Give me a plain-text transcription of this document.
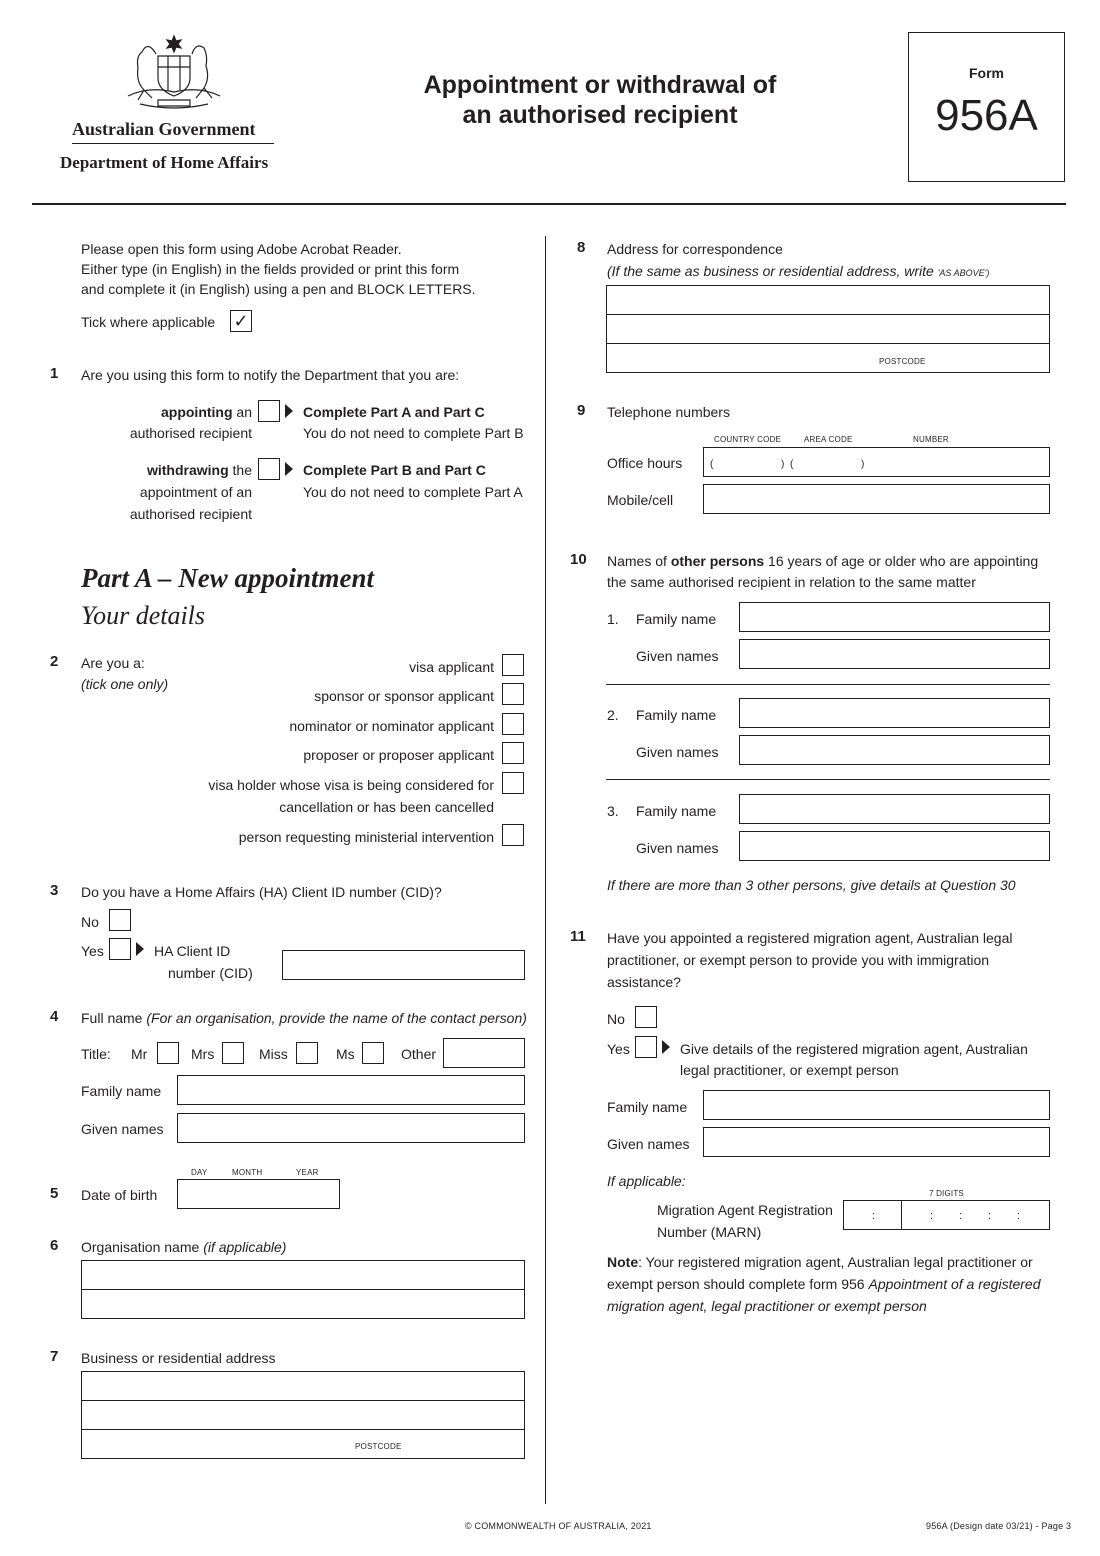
Australian Government
Department of Home Affairs
Appointment or withdrawal of
an authorised recipient
Form
956A
Please open this form using Adobe Acrobat Reader.
Either type (in English) in the fields provided or print this form
and complete it (in English) using a pen and BLOCK LETTERS.
Tick where applicable ✓
1 Are you using this form to notify the Department that you are:
appointing an
authorised recipient
Complete Part A and Part C
You do not need to complete Part B
withdrawing the
appointment of an
authorised recipient
Complete Part B and Part C
You do not need to complete Part A
Part A – New appointment
Your details
2 Are you a:
(tick one only)
visa applicant
sponsor or sponsor applicant
nominator or nominator applicant
proposer or proposer applicant
visa holder whose visa is being considered for
cancellation or has been cancelled
person requesting ministerial intervention
3 Do you have a Home Affairs (HA) Client ID number (CID)?
No
Yes	HA Client ID
number (CID)
4 Full name (For an organisation, provide the name of the contact person)
Title: Mr	Mrs	Miss	Ms	Other
Family name
Given names
DAY	MONTH	YEAR
5 Date of birth
6 Organisation name (if applicable)
7 Business or residential address
POSTCODE
8 Address for correspondence
(If the same as business or residential address, write 'AS ABOVE')
POSTCODE
9 Telephone numbers
COUNTRY CODE	AREA CODE	NUMBER
Office hours	(	) (	)
Mobile/cell
10 Names of other persons 16 years of age or older who are appointing
the same authorised recipient in relation to the same matter
1. Family name
Given names
2. Family name
Given names
3. Family name
Given names
If there are more than 3 other persons, give details at Question 30
11 Have you appointed a registered migration agent, Australian legal
practitioner, or exempt person to provide you with immigration
assistance?
No
Yes	Give details of the registered migration agent, Australian
legal practitioner, or exempt person
Family name
Given names
If applicable:
7 DIGITS
Migration Agent Registration
Number (MARN)
:	: : : :
Note: Your registered migration agent, Australian legal practitioner or
exempt person should complete form 956 Appointment of a registered
migration agent, legal practitioner or exempt person
© COMMONWEALTH OF AUSTRALIA, 2021	956A (Design date 03/21) - Page 3
